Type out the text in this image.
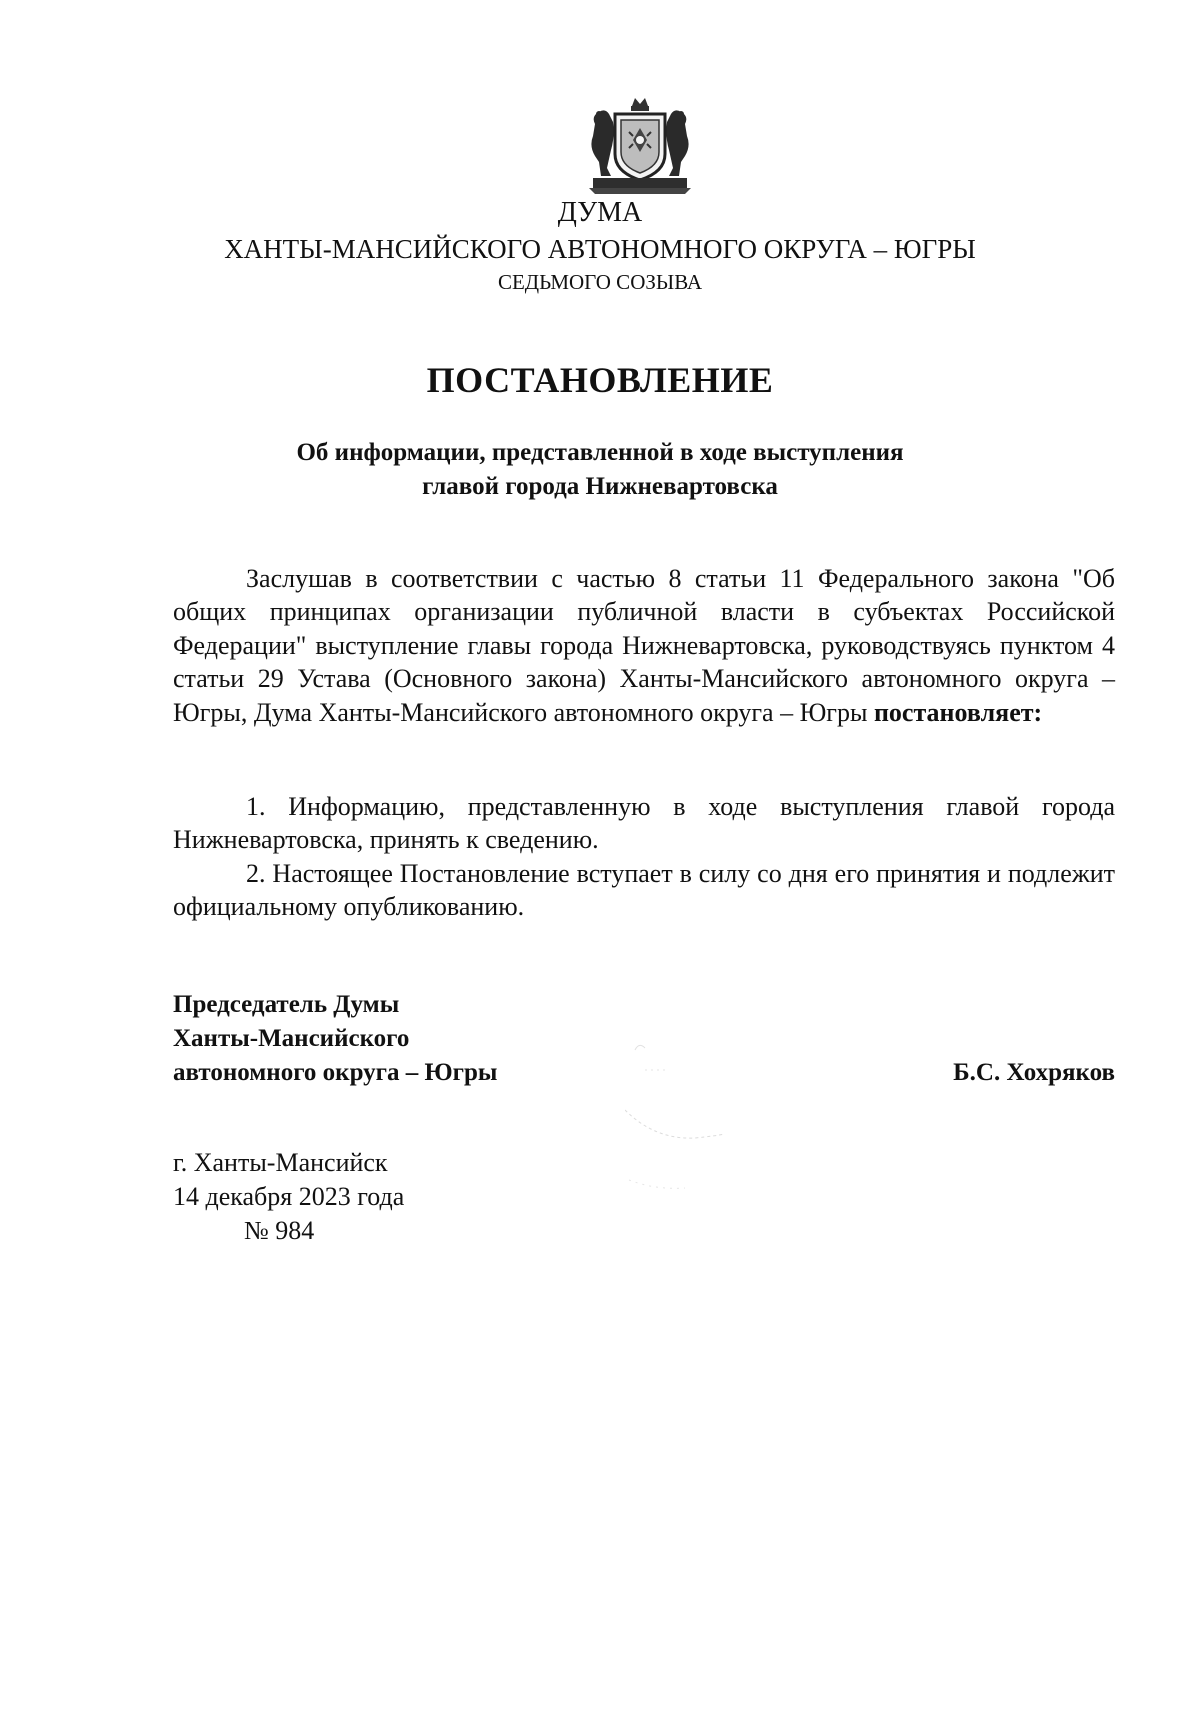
ДУМА
ХАНТЫ-МАНСИЙСКОГО АВТОНОМНОГО ОКРУГА – ЮГРЫ
СЕДЬМОГО СОЗЫВА
ПОСТАНОВЛЕНИЕ
Об информации, представленной в ходе выступления
главой города Нижневартовска

Заслушав в соответствии с частью 8 статьи 11 Федерального закона "Об общих принципах организации публичной власти в субъектах Российской Федерации" выступление главы города Нижневартовска, руководствуясь пунктом 4 статьи 29 Устава (Основного закона) Ханты-Мансийского автономного округа – Югры, Дума Ханты-Мансийского автономного округа – Югры постановляет:

1. Информацию, представленную в ходе выступления главой города Нижневартовска, принять к сведению.

2. Настоящее Постановление вступает в силу со дня его принятия и подлежит официальному опубликованию.

Председатель Думы
Ханты-Мансийского
автономного округа – Югры	Б.С. Хохряков
г. Ханты-Мансийск
14 декабря 2023 года
№ 984
